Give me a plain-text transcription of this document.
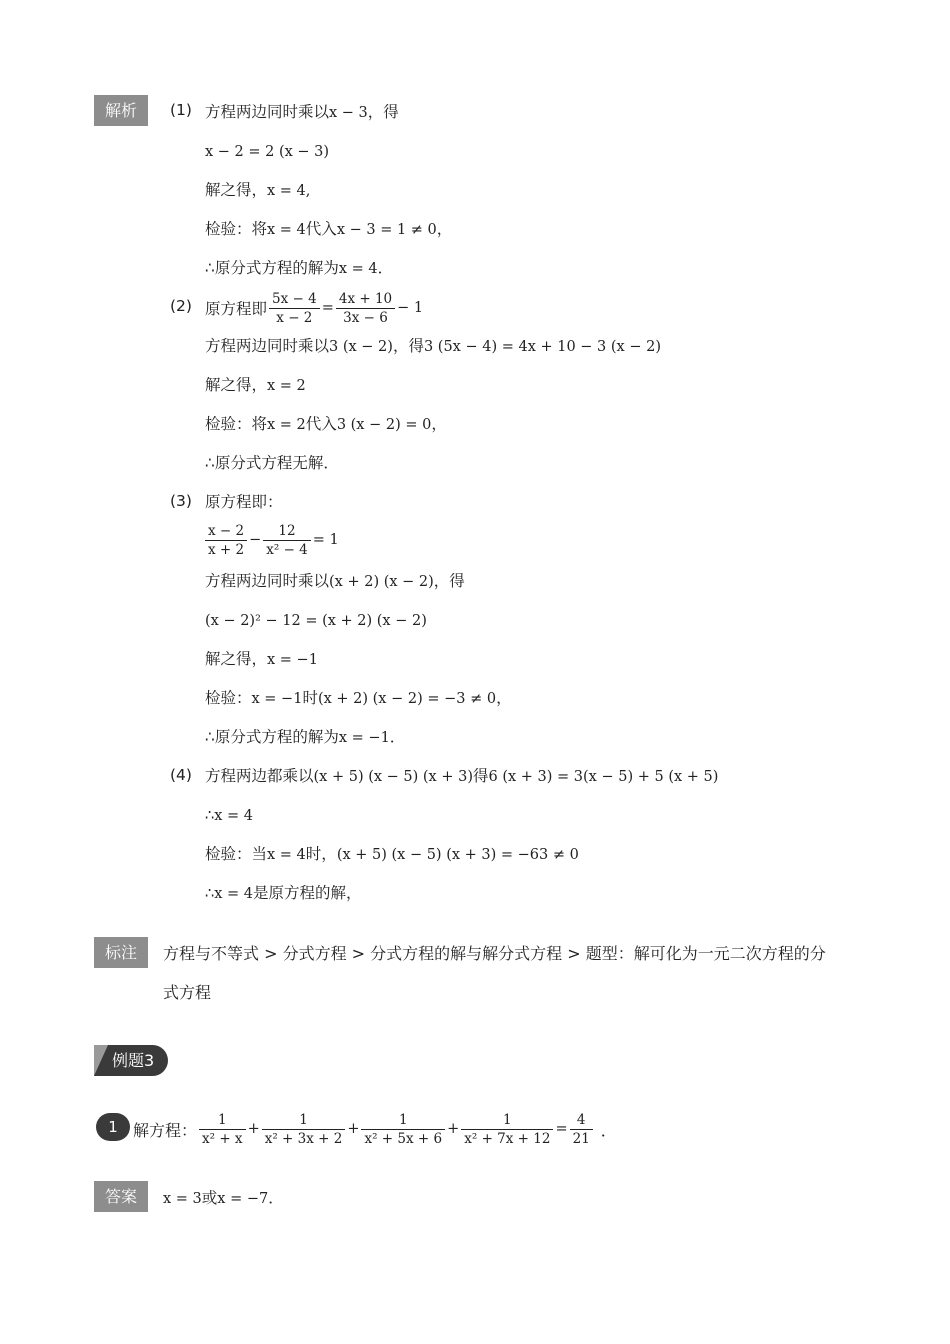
解析	(1) 方程两边同时乘以x − 3，得
x − 2 = 2 (x − 3)
解之得，x = 4,
检验：将x = 4代入x − 3 = 1 ≠ 0，
∴原分式方程的解为x = 4．
(2) 原方程即 $\frac{5x - 4}{x - 2} = \frac{4x + 10}{3x - 6} - 1$
方程两边同时乘以3 (x − 2)，得3 (5x − 4) = 4x + 10 − 3 (x − 2)
解之得，x = 2
检验：将x = 2代入3 (x − 2) = 0，
∴原分式方程无解．
(3) 原方程即：
$\frac{x - 2}{x + 2} - \frac{12}{\text{x² − 4}} = 1$
方程两边同时乘以(x + 2) (x − 2)，得
(x − 2)² − 12 = (x + 2) (x − 2)
解之得，x = −1
检验：x = −1时(x + 2) (x − 2) = −3 ≠ 0，
∴原分式方程的解为x = −1．
(4) 方程两边都乘以(x + 5) (x − 5) (x + 3)得6 (x + 3) = 3(x − 5) + 5 (x + 5)
∴x = 4
检验：当x = 4时，(x + 5) (x − 5) (x + 3) = −63 ≠ 0
∴x = 4是原方程的解，
标注	方程与不等式 > 分式方程 > 分式方程的解与解分式方程 > 题型：解可化为一元二次方程的分
式方程
例题3
1 解方程： $\frac{1}{\text{x² + x}} + \frac{1}{\text{x² + 3x + 2}} + \frac{1}{\text{x² + 5x + 6}} + \frac{1}{\text{x² + 7x + 12}} = \frac{4}{21}$ ．
答案	x = 3或x = −7．
